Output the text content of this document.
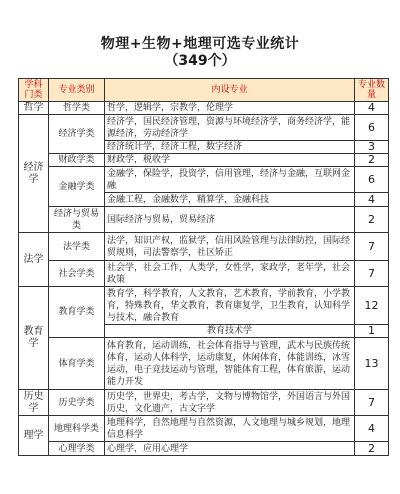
物理+生物+地理可选专业统计
（349个）
学科门类	专业类别	内设专业	专业数量
哲学	哲学类	哲学，逻辑学，宗教学，伦理学	4
经济学	经济学类	经济学，国民经济管理，资源与环境经济学，商务经济学，能源经济，劳动经济学	6
		经济统计学，经济工程，数字经济	3
	财政学类	财政学，税收学	2
	金融学类	金融学，保险学，投资学，信用管理，经济与金融，互联网金融	6
		金融工程，金融数学，精算学，金融科技	4
	经济与贸易类	国际经济与贸易，贸易经济	2
法学	法学类	法学，知识产权，监狱学，信用风险管理与法律防控，国际经贸规则，司法警察学，社区矫正	7
	社会学类	社会学，社会工作，人类学，女性学，家政学，老年学，社会政策	7
教育学	教育学类	教育学，科学教育，人文教育，艺术教育，学前教育，小学教育，特殊教育，华文教育，教育康复学，卫生教育，认知科学与技术，融合教育	12
		教育技术学	1
	体育学类	体育教育，运动训练，社会体育指导与管理，武术与民族传统体育，运动人体科学，运动康复，休闲体育，体能训练，冰雪运动，电子竞技运动与管理，智能体育工程，体育旅游，运动能力开发	13
历史学	历史学类	历史学，世界史，考古学，文物与博物馆学，外国语言与外国历史，文化遗产，古文字学	7
理学	地理科学类	地理科学，自然地理与自然资源，人文地理与城乡规划，地理信息科学	4
	心理学类	心理学，应用心理学	2
